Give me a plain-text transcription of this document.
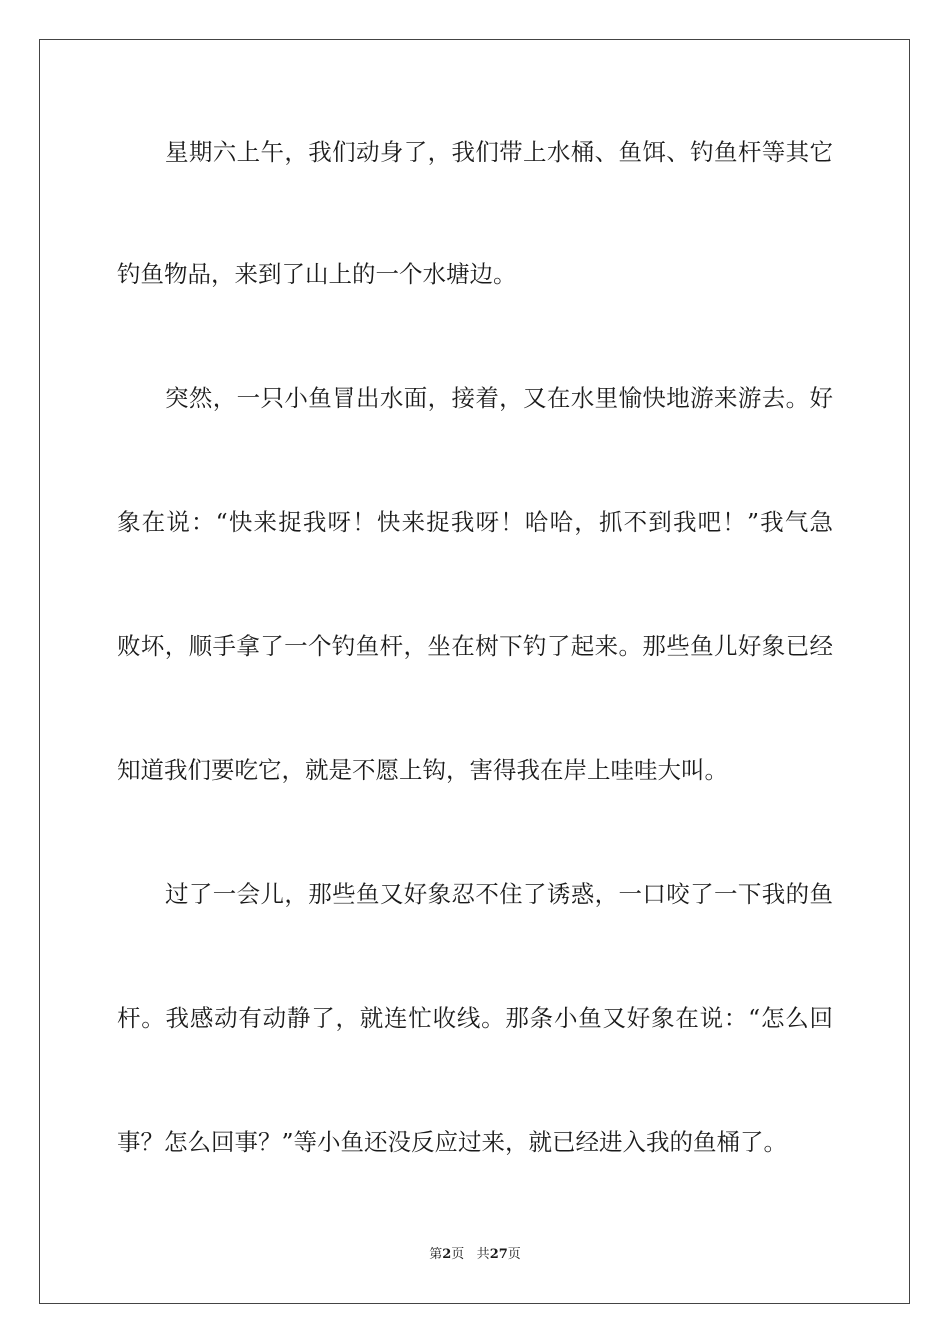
星期六上午，我们动身了，我们带上水桶、鱼饵、钓鱼杆等其它
钓鱼物品，来到了山上的一个水塘边。
突然，一只小鱼冒出水面，接着，又在水里愉快地游来游去。好
象在说：“快来捉我呀！快来捉我呀！哈哈，抓不到我吧！”我气急
败坏，顺手拿了一个钓鱼杆，坐在树下钓了起来。那些鱼儿好象已经
知道我们要吃它，就是不愿上钩，害得我在岸上哇哇大叫。
过了一会儿，那些鱼又好象忍不住了诱惑，一口咬了一下我的鱼
杆。我感动有动静了，就连忙收线。那条小鱼又好象在说：“怎么回
事？怎么回事？”等小鱼还没反应过来，就已经进入我的鱼桶了。
第2页 共27页
